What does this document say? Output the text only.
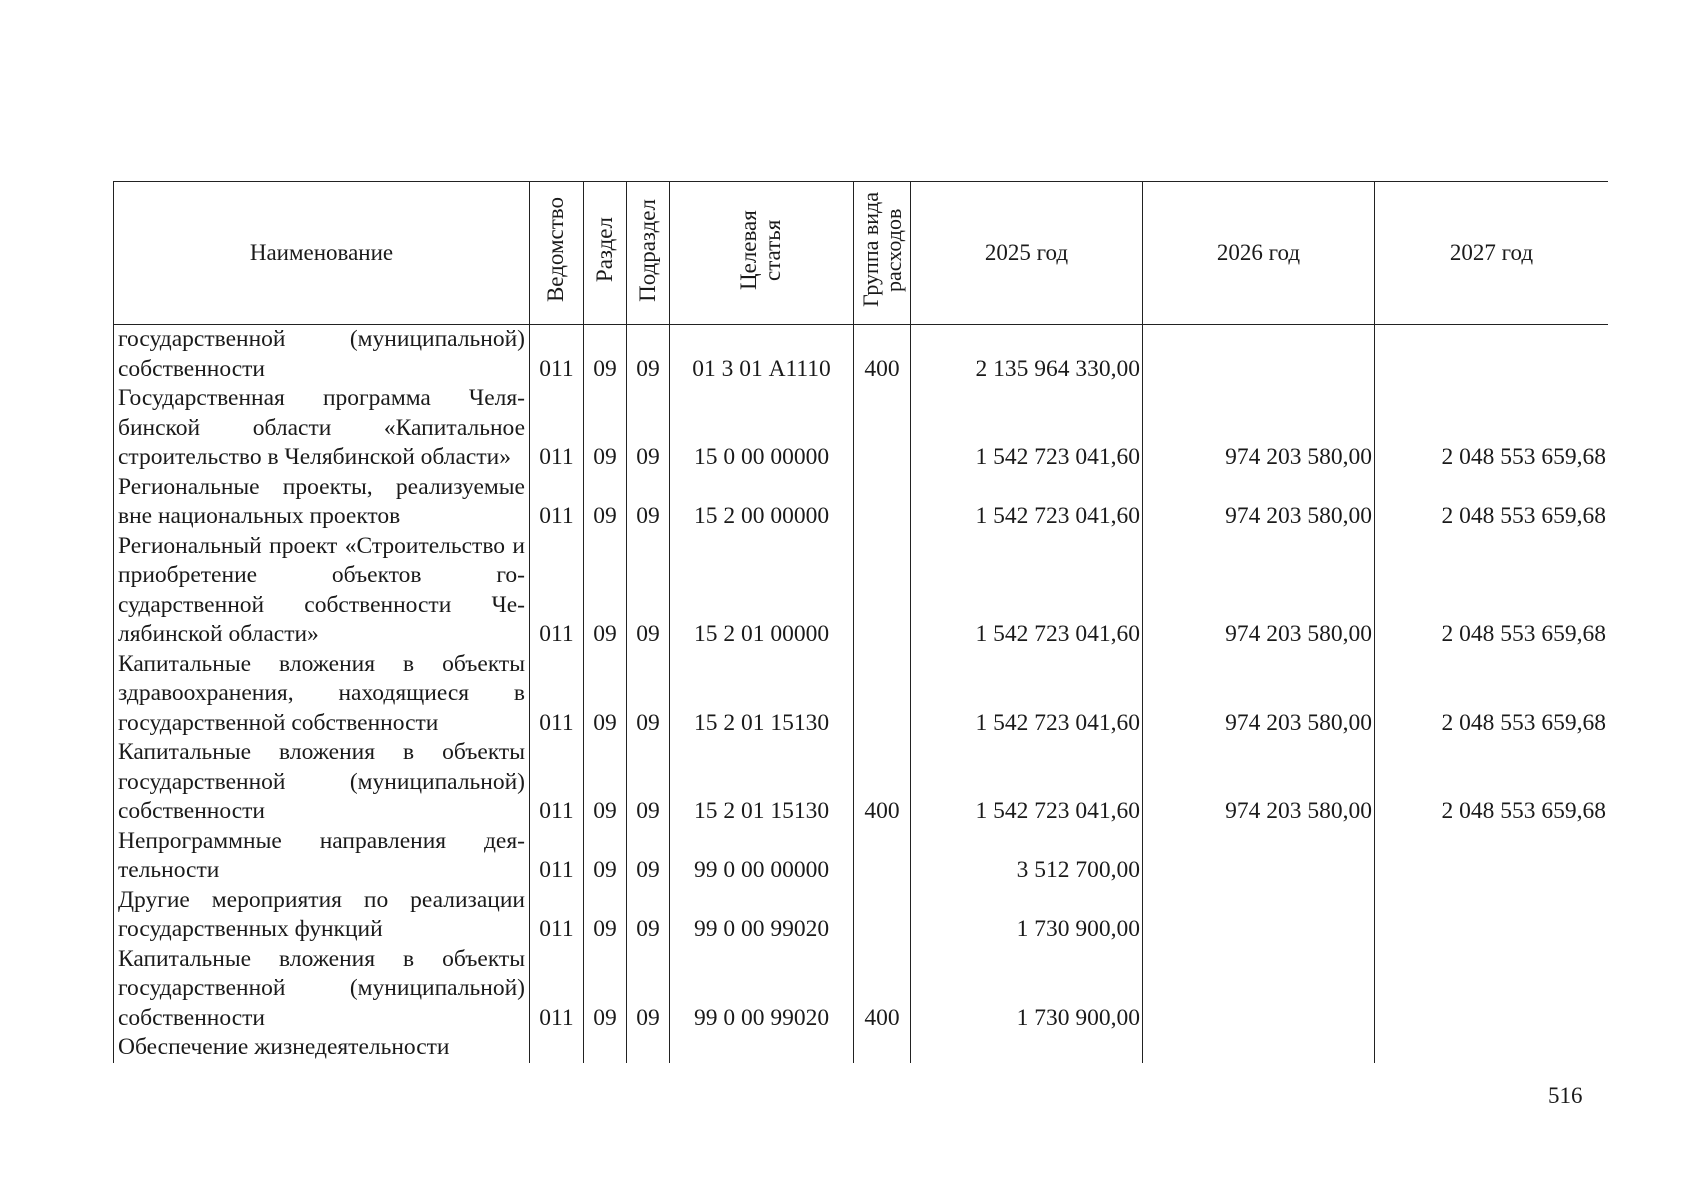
Наименование	Ведомство	Раздел	Подраздел	Целевая статья	Группа вида расходов	2025 год	2026 год	2027 год
государственной (муниципальной) собственности	011	09	09	01 3 01 А1110	400	2 135 964 330,00		
Государственная программа Челябинской области «Капитальное строительство в Челябинской области»	011	09	09	15 0 00 00000		1 542 723 041,60	974 203 580,00	2 048 553 659,68
Региональные проекты, реализуемые вне национальных проектов	011	09	09	15 2 00 00000		1 542 723 041,60	974 203 580,00	2 048 553 659,68
Региональный проект «Строительство и приобретение объектов государственной собственности Челябинской области»	011	09	09	15 2 01 00000		1 542 723 041,60	974 203 580,00	2 048 553 659,68
Капитальные вложения в объекты здравоохранения, находящиеся в государственной собственности	011	09	09	15 2 01 15130		1 542 723 041,60	974 203 580,00	2 048 553 659,68
Капитальные вложения в объекты государственной (муниципальной) собственности	011	09	09	15 2 01 15130	400	1 542 723 041,60	974 203 580,00	2 048 553 659,68
Непрограммные направления деятельности	011	09	09	99 0 00 00000		3 512 700,00		
Другие мероприятия по реализации государственных функций	011	09	09	99 0 00 99020		1 730 900,00		
Капитальные вложения в объекты государственной (муниципальной) собственности	011	09	09	99 0 00 99020	400	1 730 900,00		
Обеспечение жизнедеятельности								
516
